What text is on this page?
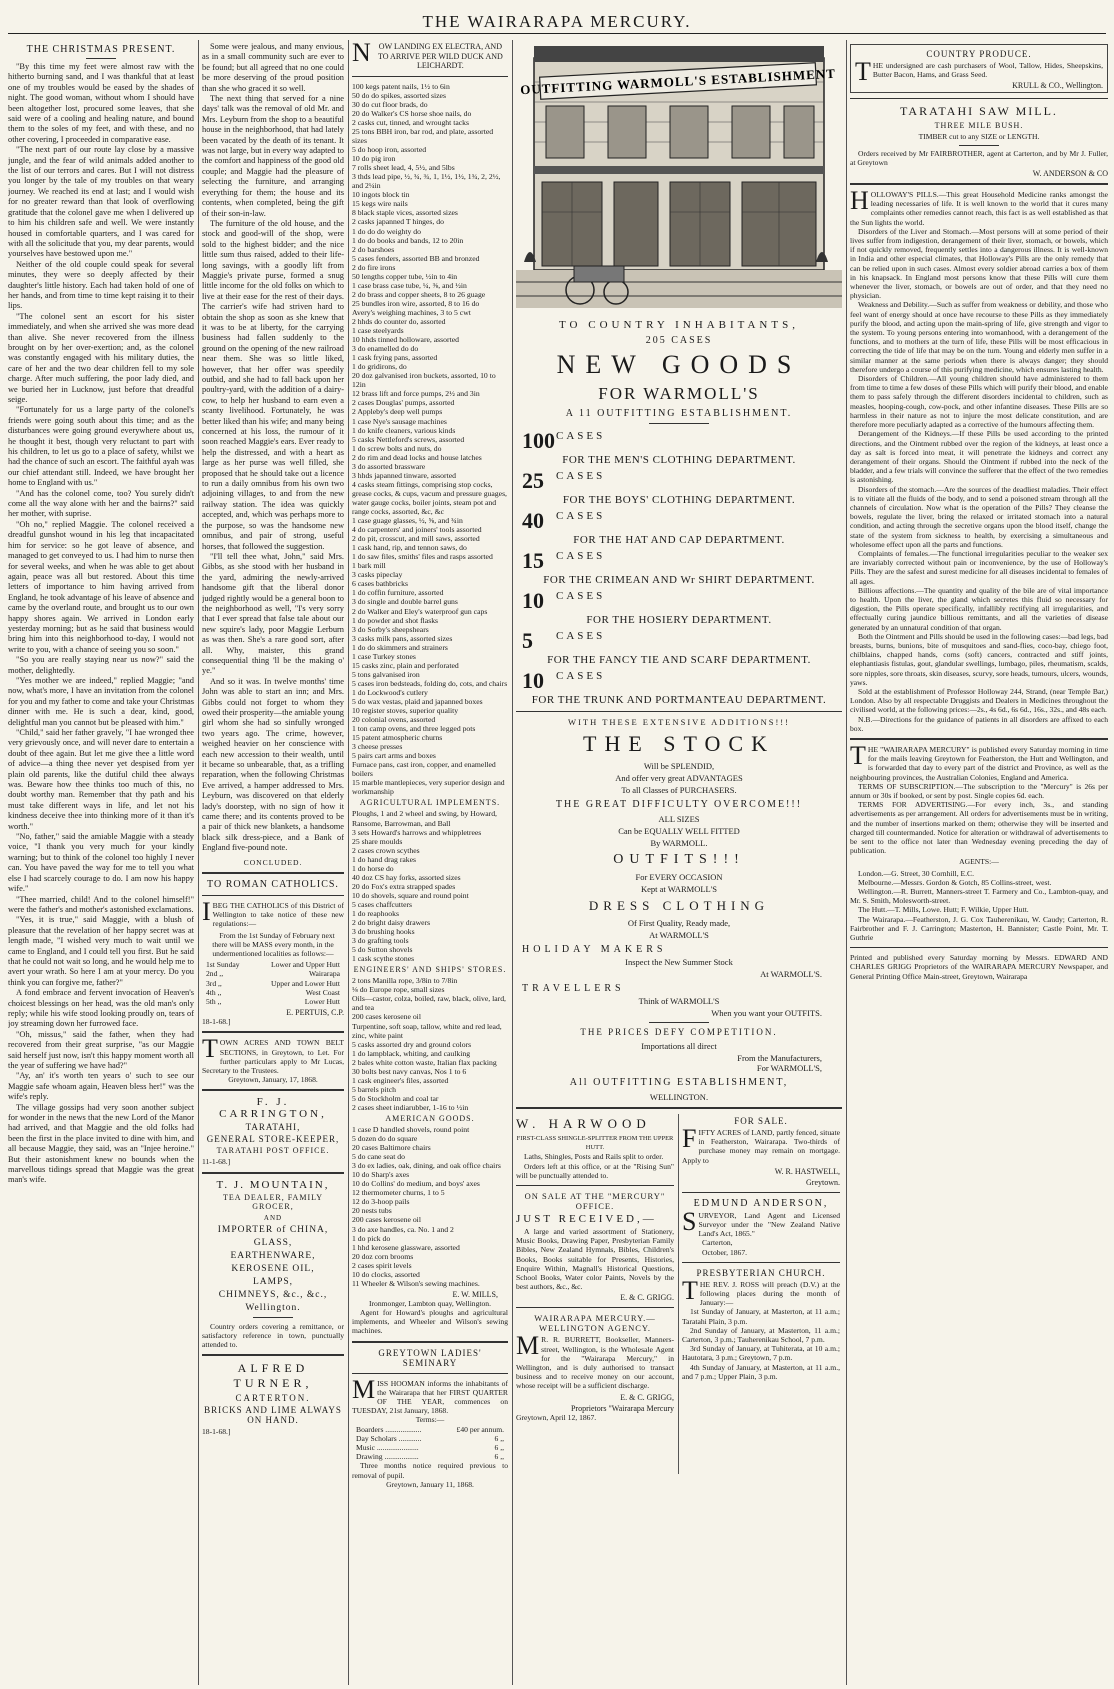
THE WAIRARAPA MERCURY.
THE CHRISTMAS PRESENT.
"By this time my feet were almost raw with the hitherto burning sand, and I was thankful that at least one of my troubles would be eased by the shades of night. The good woman, without whom I should have been altogether lost, procured some leaves, that she said were of a cooling and healing nature, and bound them to the soles of my feet, and with these, and no other covering, I proceeded in comparative ease.
"The next part of our route lay close by a massive jungle, and the fear of wild animals added another to the list of our terrors and cares. But I will not distress you longer by the tale of my troubles on that weary journey. We reached its end at last; and I would wish for no greater reward than that look of overflowing gratitude that the colonel gave me when I delivered up to him his children safe and well. We were instantly housed in comfortable quarters, and I was cared for with all the solicitude that you, my dear parents, would yourselves have bestowed upon me."
Neither of the old couple could speak for several minutes, they were so deeply affected by their daughter's little history. Each had taken hold of one of her hands, and from time to time kept raising it to their lips.
"The colonel sent an escort for his sister immediately, and when she arrived she was more dead than alive. She never recovered from the illness brought on by her over-exertion; and, as the colonel was constantly engaged with his military duties, the care of her and the two dear children fell to my sole charge. After much suffering, the poor lady died, and we buried her in Lucknow, just before that dreadful seige.
"Fortunately for us a large party of the colonel's friends were going south about this time; and as the disturbances were going ground everywhere about us, he thought it best, though very reluctant to part with his children, to let us go to a place of safety, whilst we had the chance of such an escort. The faithful ayah was our chief attendant still. Indeed, we have brought her home to England with us."
"And has the colonel come, too? You surely didn't come all the way alone with her and the bairns?" said her mother, with suprise.
"Oh no," replied Maggie. The colonel received a dreadful gunshot wound in his leg that incapacitated him for service: so he got leave of absence, and managed to get conveyed to us. I had him to nurse then for several weeks, and when he was able to get about again, peace was all but restored. About this time letters of importance to him having arrived from England, he took advantage of his leave of absence and came by the overland route, and brought us to our own happy shores again. We arrived in London early yesterday morning; but as he said that business would bring him into this neighborhood to-day, I would not write to you, with a chance of seeing you so soon."
"So you are really staying near us now?" said the mother, delightedly.
"Yes mother we are indeed," replied Maggie; "and now, what's more, I have an invitation from the colonel for you and my father to come and take your Christmas dinner with me. He is such a dear, kind, good, delightful man you cannot but be pleased with him."
"Child," said her father gravely, "I hae wronged thee very grievously once, and will never dare to entertain a doubt of thee again. But let me give thee a little word of advice—a thing thee never yet despised from yer plain old parents, like the dutiful child thee always was. Beware how thee thinks too much of this, no doubt worthy man. Remember that thy path and his must take different ways in life, and let not his kindness deceive thee into thinking more of it than it's worth."
"No, father," said the amiable Maggie with a steady voice, "I thank you very much for your kindly warning; but to think of the colonel too highly I never can. You have paved the way for me to tell you what else I had scarcely courage to do. I am now his happy wife."
"Thee married, child! And to the colonel himself!" were the father's and mother's astonished exclamations.
"Yes, it is true," said Maggie, with a blush of pleasure that the revelation of her happy secret was at length made, "I wished very much to wait until we came to England, and I could tell you first. But he said that he could not wait so long, and he would help me to avert your wrath. So here I am at your mercy. Do you think you can forgive me, father?"
A fond embrace and fervent invocation of Heaven's choicest blessings on her head, was the old man's only reply; while his wife stood looking proudly on, tears of joy streaming down her furrowed face.
"Oh, missus," said the father, when they had recovered from their great surprise, "as our Maggie said herself just now, isn't this happy moment worth all the year of suffering we have had?"
"Ay, an' it's worth ten years o' such to see our Maggie safe whoam again, Heaven bless her!" was the wife's reply.
The village gossips had very soon another subject for wonder in the news that the new Lord of the Manor had arrived, and that Maggie and the old folks had been the first in the place invited to dine with him, and all because Maggie, they said, was an "Injee heroine." But their astonishment knew no bounds when the marvellous tidings spread that Maggie was the great man's wife.
Some were jealous, and many envious, as in a small community such are ever to be found; but all agreed that no one could be more deserving of the proud position than she who graced it so well.
The next thing that served for a nine days' talk was the removal of old Mr. and Mrs. Leyburn from the shop to a beautiful house in the neighborhood, that had lately been vacated by the death of its tenant. It was not large, but in every way adapted to the comfort and happiness of the good old couple; and Maggie had the pleasure of selecting the furniture, and arranging everything for them; the house and its contents, when completed, being the gift of their son-in-law.
The furniture of the old house, and the stock and good-will of the shop, were sold to the highest bidder; and the nice little sum thus raised, added to their life-long savings, with a goodly lift from Maggie's private purse, formed a snug little income for the old folks on which to live at their ease for the rest of their days. The carrier's wife had striven hard to obtain the shop as soon as she knew that it was to be at liberty, for the carrying business had fallen suddenly to the ground on the opening of the new railroad near them. She was so little liked, however, that her offer was speedily outbid, and she had to fall back upon her poultry-yard, with the addition of a dairy-cow, to help her husband to earn even a scanty livelihood. Fortunately, he was better liked than his wife; and many being concerned at his loss, the rumour of it soon reached Maggie's ears. Ever ready to help the distressed, and with a heart as large as her purse was well filled, she proposed that he should take out a licence to run a daily omnibus from his own two adjoining villages, to and from the new railway station. The idea was quickly accepted, and, which was perhaps more to the purpose, so was the handsome new omnibus, and pair of strong, useful horses, that followed the suggestion.
"I'll tell thee what, John," said Mrs. Gibbs, as she stood with her husband in the yard, admiring the newly-arrived handsome gift that the liberal donor judged rightly would be a general boon to the neighborhood as well, "I's very sorry that I ever spread that false tale about our new squire's lady, poor Maggie Lerburn as was then. She's a rare good sort, after all. Why, maister, this grand consequential thing 'll be the making o' ye."
And so it was. In twelve months' time John was able to start an inn; and Mrs. Gibbs could not forget to whom they owed their prosperity—the amiable young girl whom she had so sinfully wronged two years ago. The crime, however, weighed heavier on her conscience with each new accession to their wealth, until it became so unbearable, that, as a trifling reparation, when the following Christmas Eve arrived, a hamper addressed to Mrs. Leyburn, was discovered on that elderly lady's doorstep, with no sign of how it came there; and its contents proved to be a pair of thick new blankets, a handsome black silk dress-piece, and a Bank of England five-pound note.
CONCLUDED.
TO ROMAN CATHOLICS.
IBEG THE CATHOLICS of this District of Wellington to take notice of these new regulations:—
From the 1st Sunday of February next there will be MASS every month, in the undermentioned localities as follows:—
1st Sunday	Lower and Upper Hutt
2nd ,,	Wairarapa
3rd ,,	Upper and Lower Hutt
4th ,,	West Coast
5th ,,	Lower Hutt
E. PERTUIS, C.P.
18-1-68.]
TOWN ACRES AND TOWN BELT SECTIONS, in Greytown, to Let. For further particulars apply to Mr Lucas, Secretary to the Trustees.
Greytown, January, 17, 1868.
F. J. CARRINGTON,
TARATAHI,
GENERAL STORE-KEEPER,
TARATAHI POST OFFICE.
11-1-68.]
T. J. MOUNTAIN,
TEA DEALER, FAMILY GROCER,
AND
IMPORTER of CHINA,
GLASS,
EARTHENWARE,
KEROSENE OIL,
LAMPS,
CHIMNEYS, &c., &c.,
Wellington.
Country orders covering a remittance, or satisfactory reference in town, punctually attended to.
ALFRED TURNER,
CARTERTON.
BRICKS AND LIME ALWAYS ON HAND.
18-1-68.]
NOW LANDING EX ELECTRA, AND TO ARRIVE PER WILD DUCK AND LEICHARDT.
100 kegs patent nails, 1½ to 6in
50 do do spikes, assorted sizes
30 do cut floor brads, do
20 do Walker's CS horse shoe nails, do
2 casks cut, tinned, and wrought tacks
25 tons BBH iron, bar rod, and plate, assorted sizes
5 do hoop iron, assorted
10 do pig iron
7 rolls sheet lead, 4, 5½, and 5lbs
3 thds lead pipe, ½, ¾, ¾, 1, 1½, 1½, 1¾, 2, 2½, and 2¼in
10 ingots block tin
15 kegs wire nails
8 black staple vices, assorted sizes
2 casks japanned T hinges, do
1 do do do weighty do
1 do do books and bands, 12 to 20in
2 do barshoes
5 cases fenders, assorted BB and bronzed
2 do fire irons
50 lengths copper tube, ½in to 4in
1 case brass case tube, ¼, ⅜, and ½in
2 do brass and copper sheets, 8 to 26 guage
25 bundles iron wire, assorted, 8 to 16 do
Avery's weighing machines, 3 to 5 cwt
2 hhds do counter do, assorted
1 case steelyards
10 hhds tinned holloware, assorted
3 do enamelled do do
1 cask frying pans, assorted
1 do gridirons, do
20 doz galvanised iron buckets, assorted, 10 to 12in
12 brass lift and force pumps, 2½ and 3in
2 cases Douglas' pumps, assorted
2 Appleby's deep well pumps
1 case Nye's sausage machines
1 do knife cleaners, various kinds
5 casks Nettleford's screws, assorted
1 do screw bolts and nuts, do
2 do rim and dead locks and house latches
3 do assorted brassware
3 hhds japanned tinware, assorted
4 casks steam fittings, comprising stop cocks, grease cocks, & cups, vacum and pressure guages, water gauge cocks, boiler joints, steam pot and range cocks, assorted, &c, &c
1 case guage glasses, ½, ⅝, and ¾in
4 do carpenters' and joiners' tools assorted
2 do pit, crosscut, and mill saws, assorted
1 cask hand, rip, and tennon saws, do
1 do saw files, smiths' files and rasps assorted
1 bark mill
3 casks pipeclay
6 cases bathbricks
1 do coffin furniture, assorted
3 do single and double barrel guns
2 do Walker and Eley's waterproof gun caps
1 do powder and shot flasks
3 do Sorby's sheepshears
3 casks milk pans, assorted sizes
1 do do skimmers and strainers
1 case Turkey stones
15 casks zinc, plain and perforated
5 tons galvanised iron
5 cases iron bedsteads, folding do, cots, and chairs
1 do Lockwood's cutlery
5 do wax vestas, plaid and japanned boxes
10 register stoves, superior quality
20 colonial ovens, assorted
1 ton camp ovens, and three legged pots
15 patent atmospheric churns
3 cheese presses
5 pairs cart arms and boxes
Furnace pans, cast iron, copper, and enamelled boilers
15 marble mantlepieces, very superior design and workmanship
AGRICULTURAL IMPLEMENTS.
Ploughs, 1 and 2 wheel and swing, by Howard, Ransome, Barrowman, and Ball
3 sets Howard's harrows and whippletrees
25 share moulds
2 cases crown scythes
1 do hand drag rakes
1 do horse do
40 doz CS hay forks, assorted sizes
20 do Fox's extra strapped spades
10 do shovels, square and round point
5 cases chaffcutters
1 do reaphooks
2 do bright daisy drawers
3 do brushing hooks
3 do grafting tools
5 do Sutton shovels
1 cask scythe stones
ENGINEERS' AND SHIPS' STORES.
2 tons Manilla rope, 3/8in to 7/8in
⅛ do Europe rope, small sizes
Oils—castor, colza, boiled, raw, black, olive, lard, and tea
200 cases kerosene oil
Turpentine, soft soap, tallow, white and red lead, zinc, white paint
5 casks assorted dry and ground colors
1 do lampblack, whiting, and caulking
2 bales white cotton waste, Italian flax packing
30 bolts best navy canvas, Nos 1 to 6
1 cask engineer's files, assorted
5 barrels pitch
5 do Stockholm and coal tar
2 cases sheet indiarubber, 1-16 to ½in
AMERICAN GOODS.
1 case D handled shovels, round point
5 dozen do do square
20 cases Baltimore chairs
5 do cane seat do
3 do ex ladies, oak, dining, and oak office chairs
10 do Sharp's axes
10 do Collins' do medium, and boys' axes
12 thermometer churns, 1 to 5
12 do 3-hoop pails
20 nests tubs
200 cases kerosene oil
3 do axe handles, ca. No. 1 and 2
1 do pick do
1 hhd kerosene glassware, assorted
20 doz corn brooms
2 cases spirit levels
10 do clocks, assorted
11 Wheeler & Wilson's sewing machines.
E. W. MILLS,
Ironmonger, Lambton quay, Wellington.
Agent for Howard's ploughs and agricultural implements, and Wheeler and Wilson's sewing machines.
GREYTOWN LADIES' SEMINARY
MISS HOOMAN informs the inhabitants of the Wairarapa that her FIRST QUARTER OF THE YEAR, commences on TUESDAY, 21st January, 1868.
Terms:—
Boarders ...................	£40 per annum.
Day Scholars ............	6 ,,
Music ......................	6 ,,
Drawing ..................	6 ,,
Three months notice required previous to removal of pupil.
Greytown, January 11, 1868.
OUTFITTING WARMOLL'S ESTABLISHMENT
TO COUNTRY INHABITANTS,
205 CASES
NEW GOODS
FOR WARMOLL'S
A 11 OUTFITTING ESTABLISHMENT.
100 CASES
FOR THE MEN'S CLOTHING DEPARTMENT.
25 CASES
FOR THE BOYS' CLOTHING DEPARTMENT.
40 CASES
FOR THE HAT AND CAP DEPARTMENT.
15 CASES
FOR THE CRIMEAN AND Wr SHIRT DEPARTMENT.
10 CASES
FOR THE HOSIERY DEPARTMENT.
5 CASES
FOR THE FANCY TIE AND SCARF DEPARTMENT.
10 CASES
FOR THE TRUNK AND PORTMANTEAU DEPARTMENT.
WITH THESE EXTENSIVE ADDITIONS!!!
THE STOCK
Will be SPLENDID,
And offer very great ADVANTAGES
To all Classes of PURCHASERS.
THE GREAT DIFFICULTY OVERCOME!!!
ALL SIZES
Can be EQUALLY WELL FITTED
By WARMOLL.
OUTFITS!!!
For EVERY OCCASION
Kept at WARMOLL'S
DRESS CLOTHING
Of First Quality, Ready made,
At WARMOLL'S
HOLIDAY MAKERS
Inspect the New Summer Stock
At WARMOLL'S.
TRAVELLERS
Think of WARMOLL'S
When you want your OUTFITS.
THE PRICES DEFY COMPETITION.
Importations all direct
From the Manufacturers,
For WARMOLL'S,
All OUTFITTING ESTABLISHMENT,
WELLINGTON.
W. HARWOOD
FIRST-CLASS SHINGLE-SPLITTER FROM THE UPPER HUTT.
Laths, Shingles, Posts and Rails split to order.
Orders left at this office, or at the "Rising Sun" will be punctually attended to.
ON SALE AT THE "MERCURY" OFFICE.
JUST RECEIVED,—
A large and varied assortment of Stationery, Music Books, Drawing Paper, Presbyterian Family Bibles, New Zealand Hymnals, Bibles, Children's Books, Books suitable for Presents, Histories, Enquire Within, Magnall's Historical Questions, School Books, Water color Paints, Novels by the best authors, &c., &c.
E. & C. GRIGG.
WAIRARAPA MERCURY.—WELLINGTON AGENCY.
MR. R. BURRETT, Bookseller, Manners-street, Wellington, is the Wholesale Agent for the "Wairarapa Mercury," in Wellington, and is duly authorised to transact business and to receive money on our account, whose receipt will be a sufficient discharge.
E. & C. GRIGG,
Proprietors "Wairarapa Mercury
Greytown, April 12, 1867.
FOR SALE.
FIFTY ACRES of LAND, partly fenced, situate in Featherston, Wairarapa. Two-thirds of purchase money may remain on mortgage. Apply to
W. R. HASTWELL,
Greytown.
EDMUND ANDERSON,
SURVEYOR, Land Agent and Licensed Surveyor under the "New Zealand Native Land's Act, 1865."
Carterton,
October, 1867.
PRESBYTERIAN CHURCH.
THE REV. J. ROSS will preach (D.V.) at the following places during the month of January:—
1st Sunday of January, at Masterton, at 11 a.m.; Taratahi Plain, 3 p.m.
2nd Sunday of January, at Masterton, 11 a.m.; Carterton, 3 p.m.; Tauherenikau School, 7 p.m.
3rd Sunday of January, at Tuhiterata, at 10 a.m.; Hautotara, 3 p.m.; Greytown, 7 p.m.
4th Sunday of January, at Masterton, at 11 a.m., and 7 p.m.; Upper Plain, 3 p.m.
COUNTRY PRODUCE.
THE undersigned are cash purchasers of Wool, Tallow, Hides, Sheepskins, Butter Bacon, Hams, and Grass Seed.
KRULL & CO., Wellington.
TARATAHI SAW MILL.
THREE MILE BUSH.
TIMBER cut to any SIZE or LENGTH.
Orders received by Mr FAIRBROTHER, agent at Carterton, and by Mr J. Fuller, at Greytown
W. ANDERSON & CO
HOLLOWAY'S PILLS.—This great Household Medicine ranks amongst the leading necessaries of life. It is well known to the world that it cures many complaints other remedies cannot reach, this fact is as well established as that the Sun lights the world.
Disorders of the Liver and Stomach.—Most persons will at some period of their lives suffer from indigestion, derangement of their liver, stomach, or bowels, which if not quickly removed, frequently settles into a dangerous illness. It is well-known in India and other especial climates, that Holloway's Pills are the only remedy that can be relied upon in such cases. Almost every soldier abroad carries a box of them in his knapsack. In England most persons know that these Pills will cure them whenever the liver, stomach, or bowels are out of order, and that they need no physician.
Weakness and Debility.—Such as suffer from weakness or debility, and those who feel want of energy should at once have recourse to these Pills as they immediately purify the blood, and acting upon the main-spring of life, give strength and vigor to the system. To young persons entering into womanhood, with a derangement of the functions, and to mothers at the turn of life, these Pills will be most efficacious in correcting the tide of life that may be on the turn. Young and elderly men suffer in a similar manner at the same periods when there is always danger; they should therefore undergo a course of this purifying medicine, which ensures lasting health.
Disorders of Children.—All young children should have administered to them from time to time a few doses of these Pills which will purify their blood, and enable them to pass safely through the different disorders incidental to children, such as measles, hooping-cough, cow-pock, and other infantine diseases. These Pills are so harmless in their nature as not to injure the most delicate constitution, and are therefore more peculiarly adapted as a corrective of the humours affecting them.
Derangement of the Kidneys.—If these Pills be used according to the printed directions, and the Ointment rubbed over the region of the kidneys, at least once a day as salt is forced into meat, it will penetrate the kidneys and correct any derangement of their organs. Should the Ointment if rubbed into the neck of the bladder, and a few trials will convince the sufferer that the effect of the two remedies is astonishing.
Disorders of the stomach.—Are the sources of the deadliest maladies. Their effect is to vitiate all the fluids of the body, and to send a poisoned stream through all the channels of circulation. Now what is the operation of the Pills? They cleanse the bowels, regulate the liver, bring the relaxed or irritated stomach into a natural condition, and acting through the secretive organs upon the blood itself, change the state of the system from sickness to health, by exercising a simultaneous and wholesome effect upon all the parts and functions.
Complaints of females.—The functional irregularities peculiar to the weaker sex are invariably corrected without pain or inconvenience, by the use of Holloway's Pills. They are the safest and surest medicine for all diseases incidental to females of all ages.
Billious affections.—The quantity and quality of the bile are of vital importance to health. Upon the liver, the gland which secretes this fluid so necessary for digestion, the Pills operate specifically, infallibly rectifying all irregularities, and effectually curing jaundice billious remittants, and all the varieties of disease generated by an unnatural condition of that organ.
Both the Ointment and Pills should be used in the following cases:—bad legs, bad breasts, burns, bunions, bite of musquitoes and sand-flies, coco-bay, chiego foot, chilblains, chapped hands, corns (soft) cancers, contracted and stiff joints, elephantiasis fistulas, gout, glandular swellings, lumbago, piles, rheumatism, scalds, sore nipples, sore throats, skin diseases, scurvy, sore heads, tumours, ulcers, wounds, yaws.
Sold at the establishment of Professor Holloway 244, Strand, (near Temple Bar,) London. Also by all respectable Druggists and Dealers in Medicines throughout the civilised world, at the following prices:—2s., 4s 6d., 6s 6d., 16s., 32s., and 48s each.
N.B.—Directions for the guidance of patients in all disorders are affixed to each box.
THE "WAIRARAPA MERCURY" is published every Saturday morning in time for the mails leaving Greytown for Featherston, the Hutt and Wellington, and is forwarded that day to every part of the district and Province, as well as the neighbouring provinces, the Australian Colonies, England and America.
TERMS OF SUBSCRIPTION.—The subscription to the "Mercury" is 26s per annum or 30s if booked, or sent by post. Single copies 6d. each.
TERMS FOR ADVERTISING.—For every inch, 3s., and standing advertisements as per arrangement. All orders for advertisements must be in writing, and the number of insertions marked on them; otherwise they will be inserted and charged till countermanded. Notice for alteration or withdrawal of advertisements to be sent to the office not later than Wednesday evening preceding the day of publication.
AGENTS:—
London.—G. Street, 30 Cornhill, E.C.
Melbourne.—Messrs. Gordon & Gotch, 85 Collins-street, west.
Wellington.—R. Burrett, Manners-street T. Farmery and Co., Lambton-quay, and Mr. S. Smith, Molesworth-street.
The Hutt.—T. Mills, Lowe. Hutt; F. Wilkie, Upper Hutt.
The Wairarapa.—Featherston, J. G. Cox Tauherenikau, W. Caudy; Carterton, R. Fairbrother and F. J. Carrington; Masterton, H. Bannister; Castle Point, Mr. T. Guthrie
Printed and published every Saturday morning by Messrs. EDWARD AND CHARLES GRIGG Proprietors of the WAIRARAPA MERCURY Newspaper, and General Printing Office Main-street, Greytown, Wairarapa
